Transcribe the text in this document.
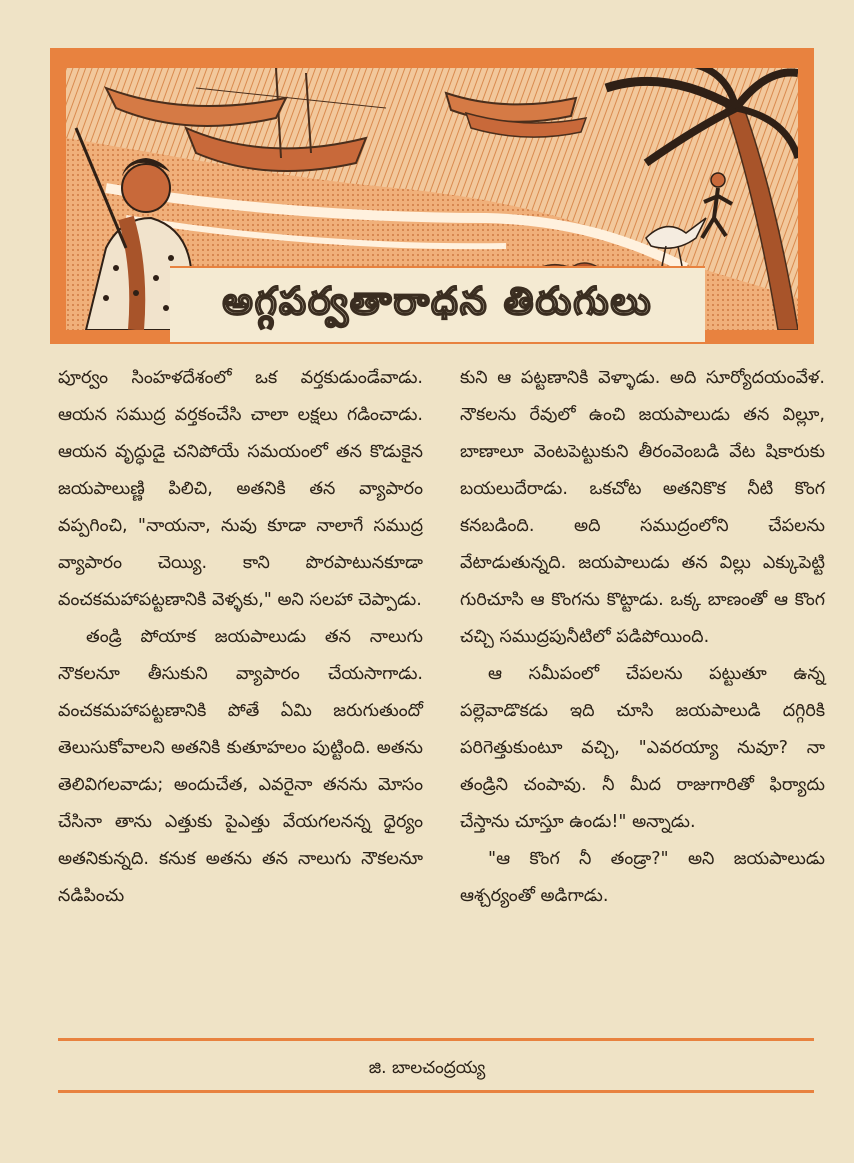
అగ్గపర్వతారాధన తిరుగులు

పూర్వం సింహళదేశంలో ఒక వర్తకుడుండేవాడు. ఆయన సముద్ర వర్తకంచేసి చాలా లక్షలు గడించాడు. ఆయన వృద్ధుడై చనిపోయే సమయంలో తన కొడుకైన జయపాలుణ్ణి పిలిచి, అతనికి తన వ్యాపారం వప్పగించి, "నాయనా, నువు కూడా నాలాగే సముద్ర వ్యాపారం చెయ్యి. కాని పొరపాటునకూడా వంచకమహాపట్టణానికి వెళ్ళకు," అని సలహా చెప్పాడు.

తండ్రి పోయాక జయపాలుడు తన నాలుగు నౌకలనూ తీసుకుని వ్యాపారం చేయసాగాడు. వంచకమహాపట్టణానికి పోతే ఏమి జరుగుతుందో తెలుసుకోవాలని అతనికి కుతూహలం పుట్టింది. అతను తెలివిగలవాడు; అందుచేత, ఎవరైనా తనను మోసం చేసినా తాను ఎత్తుకు పైఎత్తు వేయగలనన్న ధైర్యం అతనికున్నది. కనుక అతను తన నాలుగు నౌకలనూ నడిపించు

కుని ఆ పట్టణానికి వెళ్ళాడు. అది సూర్యోదయంవేళ. నౌకలను రేవులో ఉంచి జయపాలుడు తన విల్లూ, బాణాలూ వెంటపెట్టుకుని తీరంవెంబడి వేట షికారుకు బయలుదేరాడు. ఒకచోట అతనికొక నీటి కొంగ కనబడింది. అది సముద్రంలోని చేపలను వేటాడుతున్నది. జయపాలుడు తన విల్లు ఎక్కుపెట్టి గురిచూసి ఆ కొంగను కొట్టాడు. ఒక్క బాణంతో ఆ కొంగ చచ్చి సముద్రపునీటిలో పడిపోయింది.

ఆ సమీపంలో చేపలను పట్టుతూ ఉన్న పల్లెవాడొకడు ఇది చూసి జయపాలుడి దగ్గిరికి పరిగెత్తుకుంటూ వచ్చి, "ఎవరయ్యా నువూ? నా తండ్రిని చంపావు. నీ మీద రాజుగారితో ఫిర్యాదు చేస్తాను చూస్తూ ఉండు!" అన్నాడు.

"ఆ కొంగ నీ తండ్రా?" అని జయపాలుడు ఆశ్చర్యంతో అడిగాడు.

జి. బాలచంద్రయ్య
